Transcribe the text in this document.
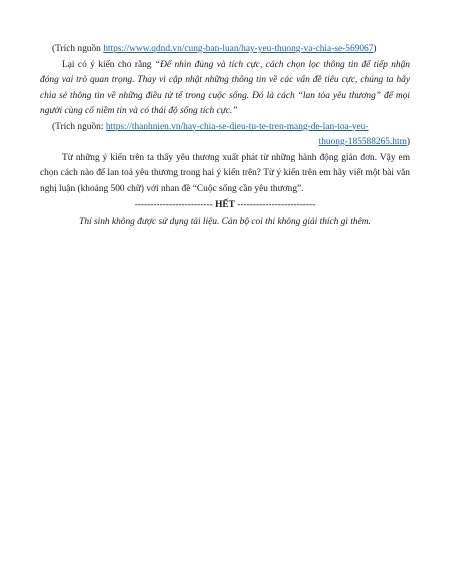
(Trích nguồn https://www.qdnd.vn/cung-ban-luan/hay-yeu-thuong-va-chia-se-569067)

Lại có ý kiến cho rằng “Để nhìn đúng và tích cực, cách chọn lọc thông tin để tiếp nhận đóng vai trò quan trọng. Thay vì cập nhật những thông tin về các vấn đề tiêu cực, chúng ta hãy chia sẻ thông tin về những điều tử tế trong cuộc sống. Đó là cách “lan tỏa yêu thương” để mọi người cùng cố niềm tin và có thái độ sống tích cực.”

(Trích nguồn: https://thanhnien.vn/hay-chia-se-dieu-tu-te-tren-mang-de-lan-toa-yeu-

thuong-185588265.htm)

Từ những ý kiến trên ta thấy yêu thương xuất phát từ những hành động giản đơn. Vậy em chọn cách nào để lan toả yêu thương trong hai ý kiến trên? Từ ý kiến trên em hãy viết một bài văn nghị luận (khoảng 500 chữ) với nhan đề “Cuộc sống cần yêu thương”.

------------------------- HẾT -------------------------

Thí sinh không được sử dụng tài liệu. Cán bộ coi thi không giải thích gì thêm.
